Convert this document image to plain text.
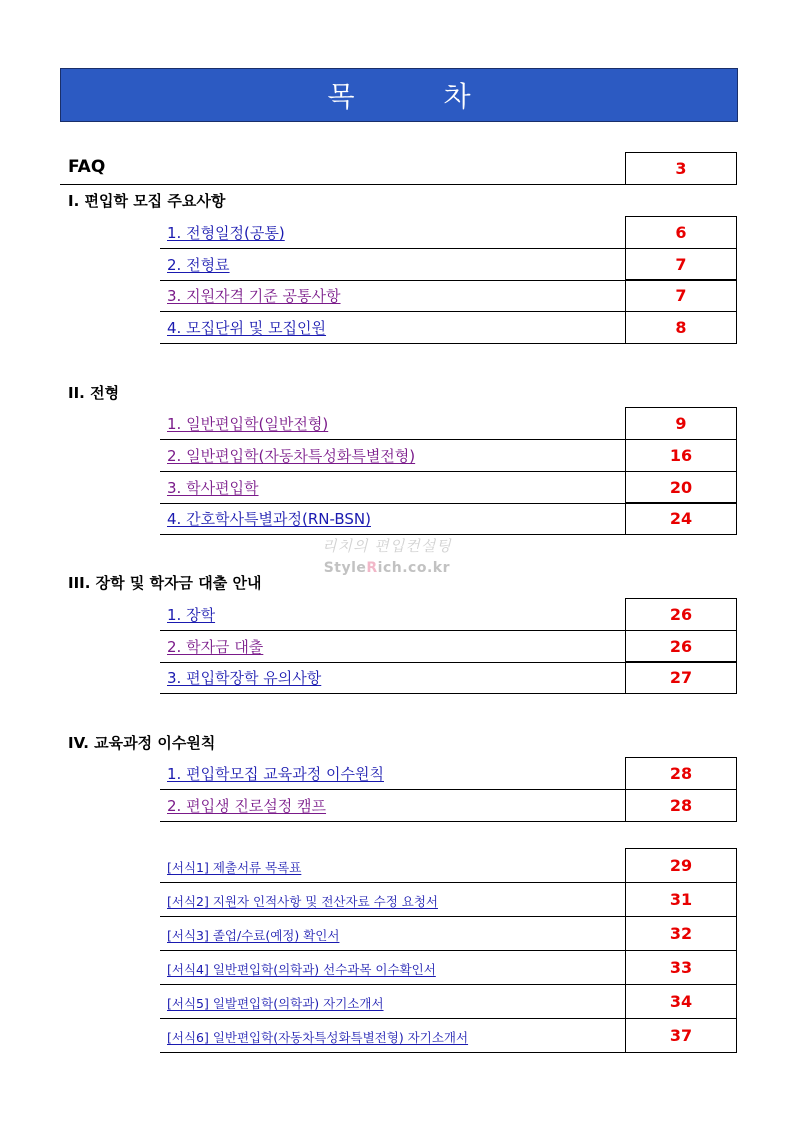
목 차
FAQ	3
I. 편입학 모집 주요사항
1. 전형일정(공통)	6
2. 전형료	7
3. 지원자격 기준 공통사항	7
4. 모집단위 및 모집인원	8
II. 전형
1. 일반편입학(일반전형)	9
2. 일반편입학(자동차특성화특별전형)	16
3. 학사편입학	20
4. 간호학사특별과정(RN-BSN)	24
리치의 편입컨설팅
StyleRich.co.kr
III. 장학 및 학자금 대출 안내
1. 장학	26
2. 학자금 대출	26
3. 편입학장학 유의사항	27
IV. 교육과정 이수원칙
1. 편입학모집 교육과정 이수원칙	28
2. 편입생 진로설정 캠프	28
[서식1] 제출서류 목록표	29
[서식2] 지원자 인적사항 및 전산자료 수정 요청서	31
[서식3] 졸업/수료(예정) 확인서	32
[서식4] 일반편입학(의학과) 선수과목 이수확인서	33
[서식5] 일발편입학(의학과) 자기소개서	34
[서식6] 일반편입학(자동차특성화특별전형) 자기소개서	37
